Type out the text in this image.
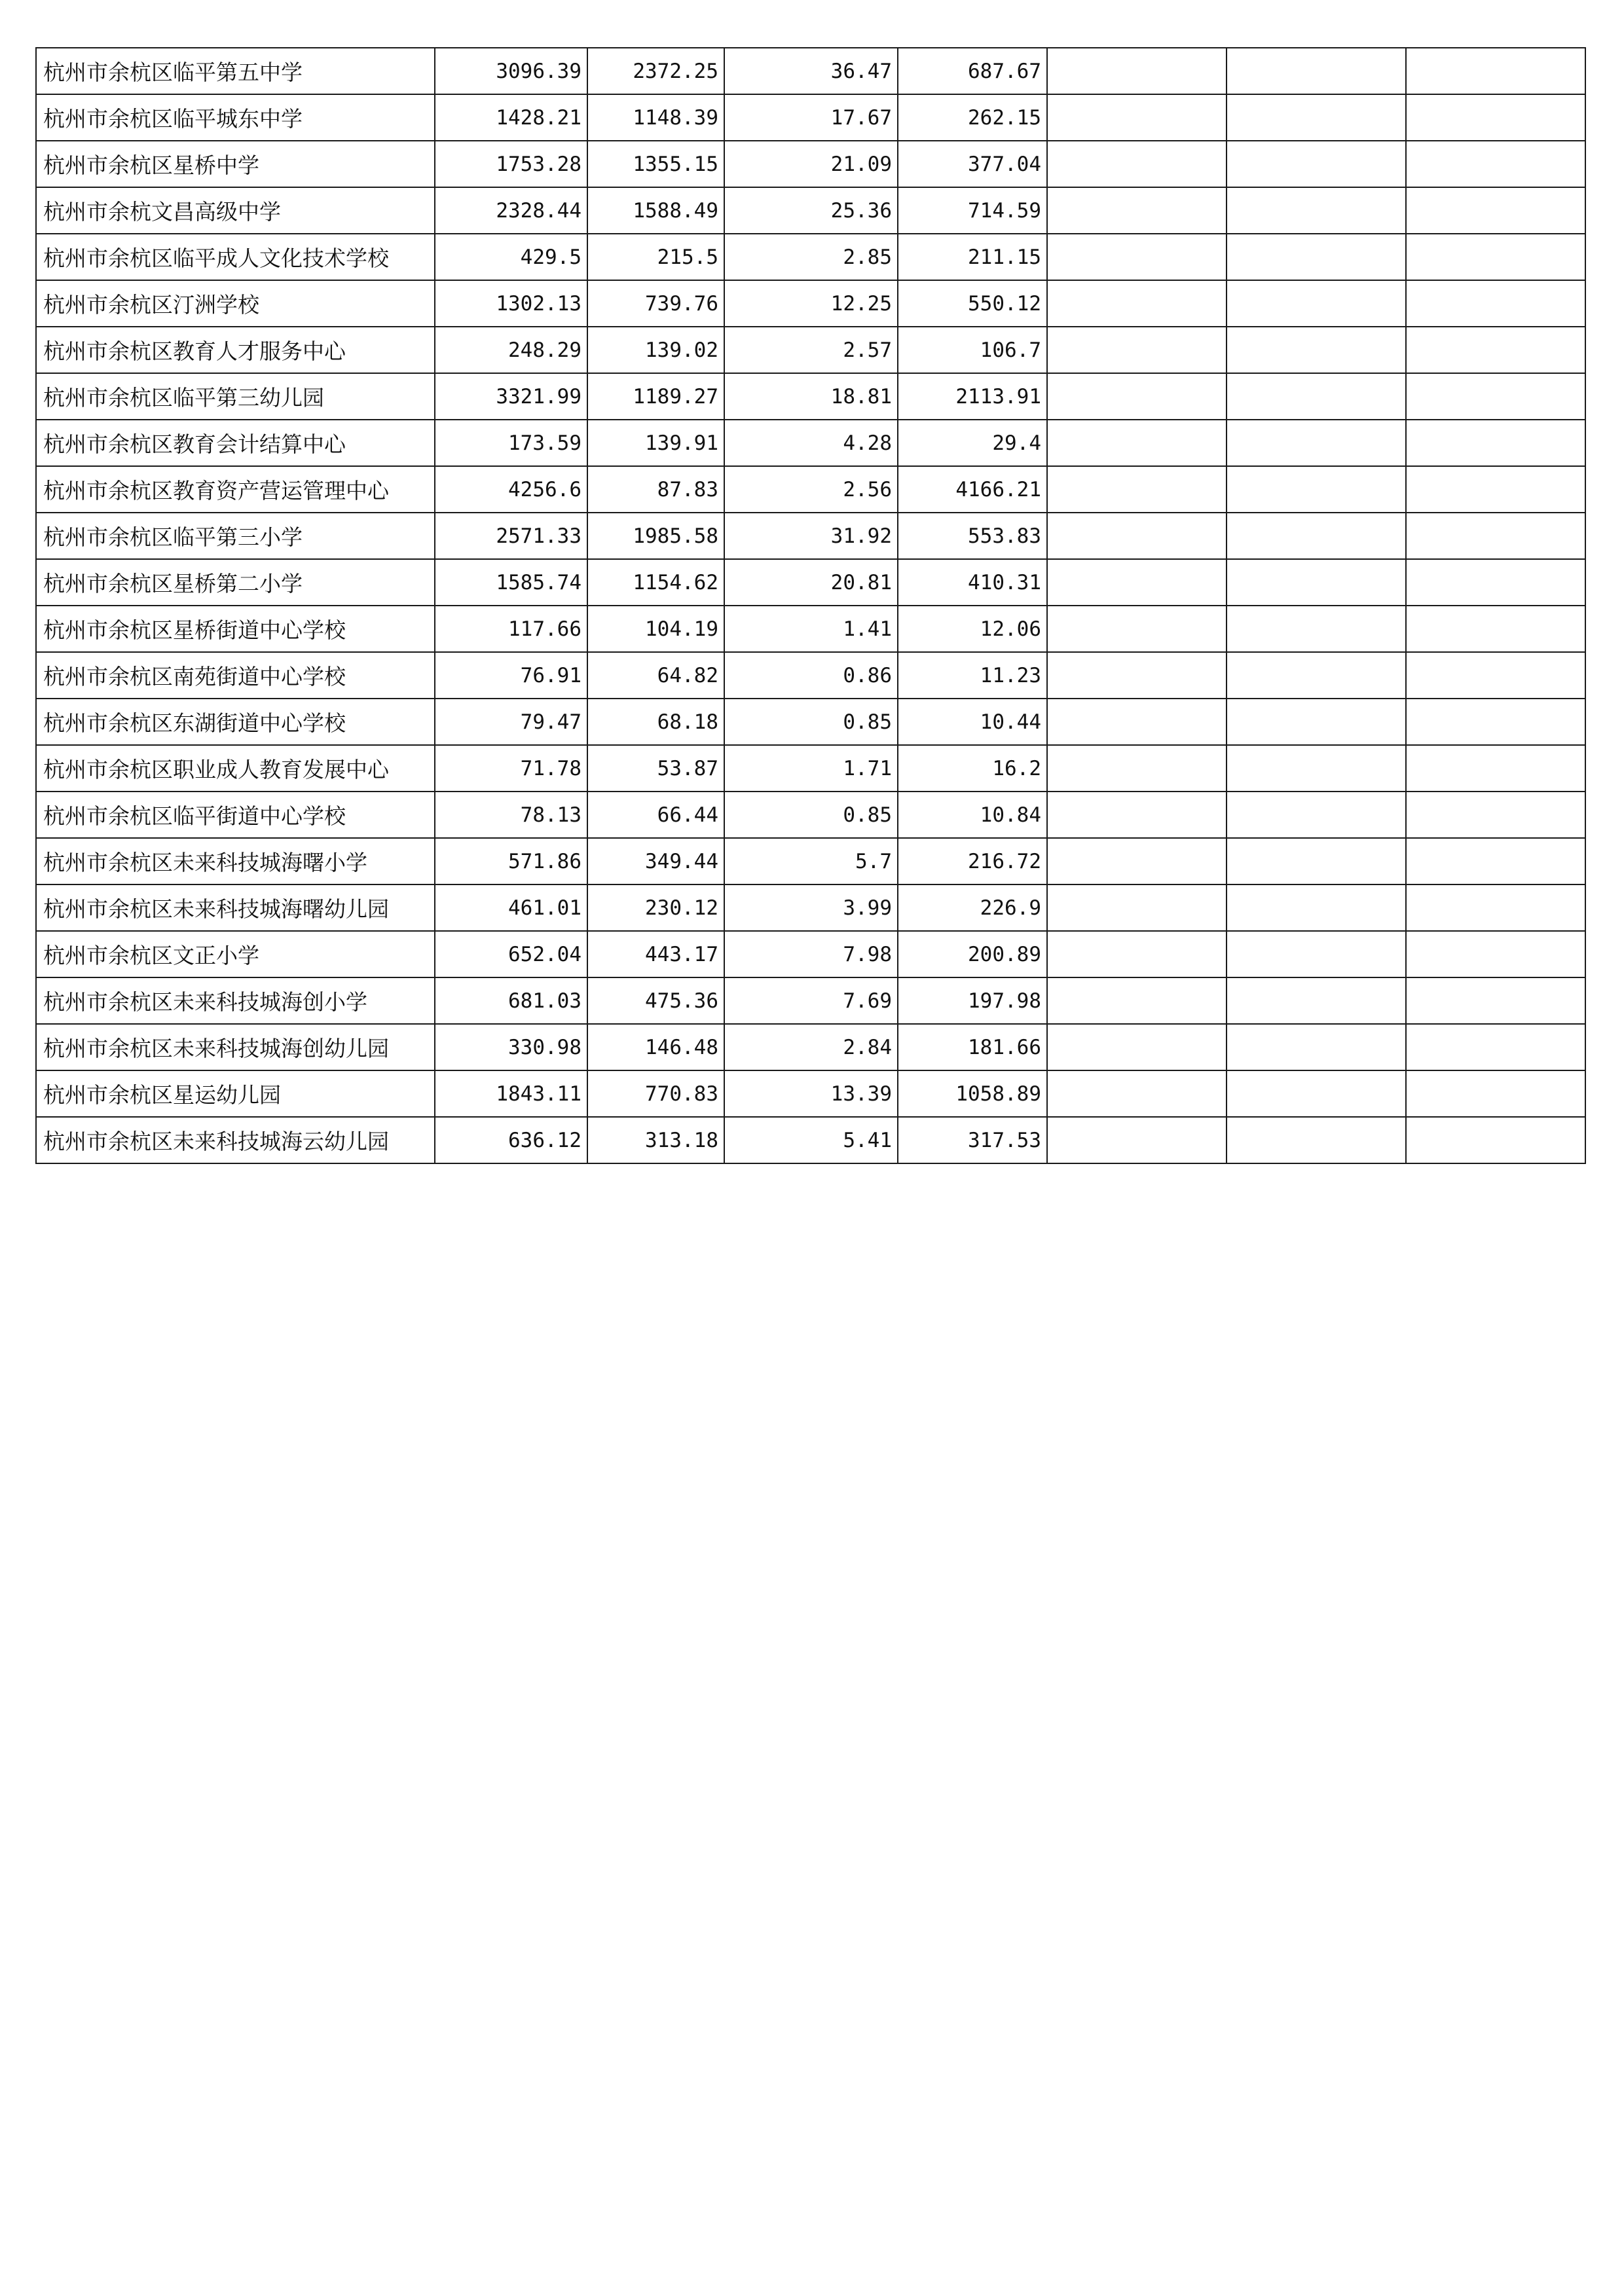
杭州市余杭区临平第五中学	3096.39	2372.25	36.47	687.67			
杭州市余杭区临平城东中学	1428.21	1148.39	17.67	262.15			
杭州市余杭区星桥中学	1753.28	1355.15	21.09	377.04			
杭州市余杭文昌高级中学	2328.44	1588.49	25.36	714.59			
杭州市余杭区临平成人文化技术学校	429.5	215.5	2.85	211.15			
杭州市余杭区汀洲学校	1302.13	739.76	12.25	550.12			
杭州市余杭区教育人才服务中心	248.29	139.02	2.57	106.7			
杭州市余杭区临平第三幼儿园	3321.99	1189.27	18.81	2113.91			
杭州市余杭区教育会计结算中心	173.59	139.91	4.28	29.4			
杭州市余杭区教育资产营运管理中心	4256.6	87.83	2.56	4166.21			
杭州市余杭区临平第三小学	2571.33	1985.58	31.92	553.83			
杭州市余杭区星桥第二小学	1585.74	1154.62	20.81	410.31			
杭州市余杭区星桥街道中心学校	117.66	104.19	1.41	12.06			
杭州市余杭区南苑街道中心学校	76.91	64.82	0.86	11.23			
杭州市余杭区东湖街道中心学校	79.47	68.18	0.85	10.44			
杭州市余杭区职业成人教育发展中心	71.78	53.87	1.71	16.2			
杭州市余杭区临平街道中心学校	78.13	66.44	0.85	10.84			
杭州市余杭区未来科技城海曙小学	571.86	349.44	5.7	216.72			
杭州市余杭区未来科技城海曙幼儿园	461.01	230.12	3.99	226.9			
杭州市余杭区文正小学	652.04	443.17	7.98	200.89			
杭州市余杭区未来科技城海创小学	681.03	475.36	7.69	197.98			
杭州市余杭区未来科技城海创幼儿园	330.98	146.48	2.84	181.66			
杭州市余杭区星运幼儿园	1843.11	770.83	13.39	1058.89			
杭州市余杭区未来科技城海云幼儿园	636.12	313.18	5.41	317.53			
